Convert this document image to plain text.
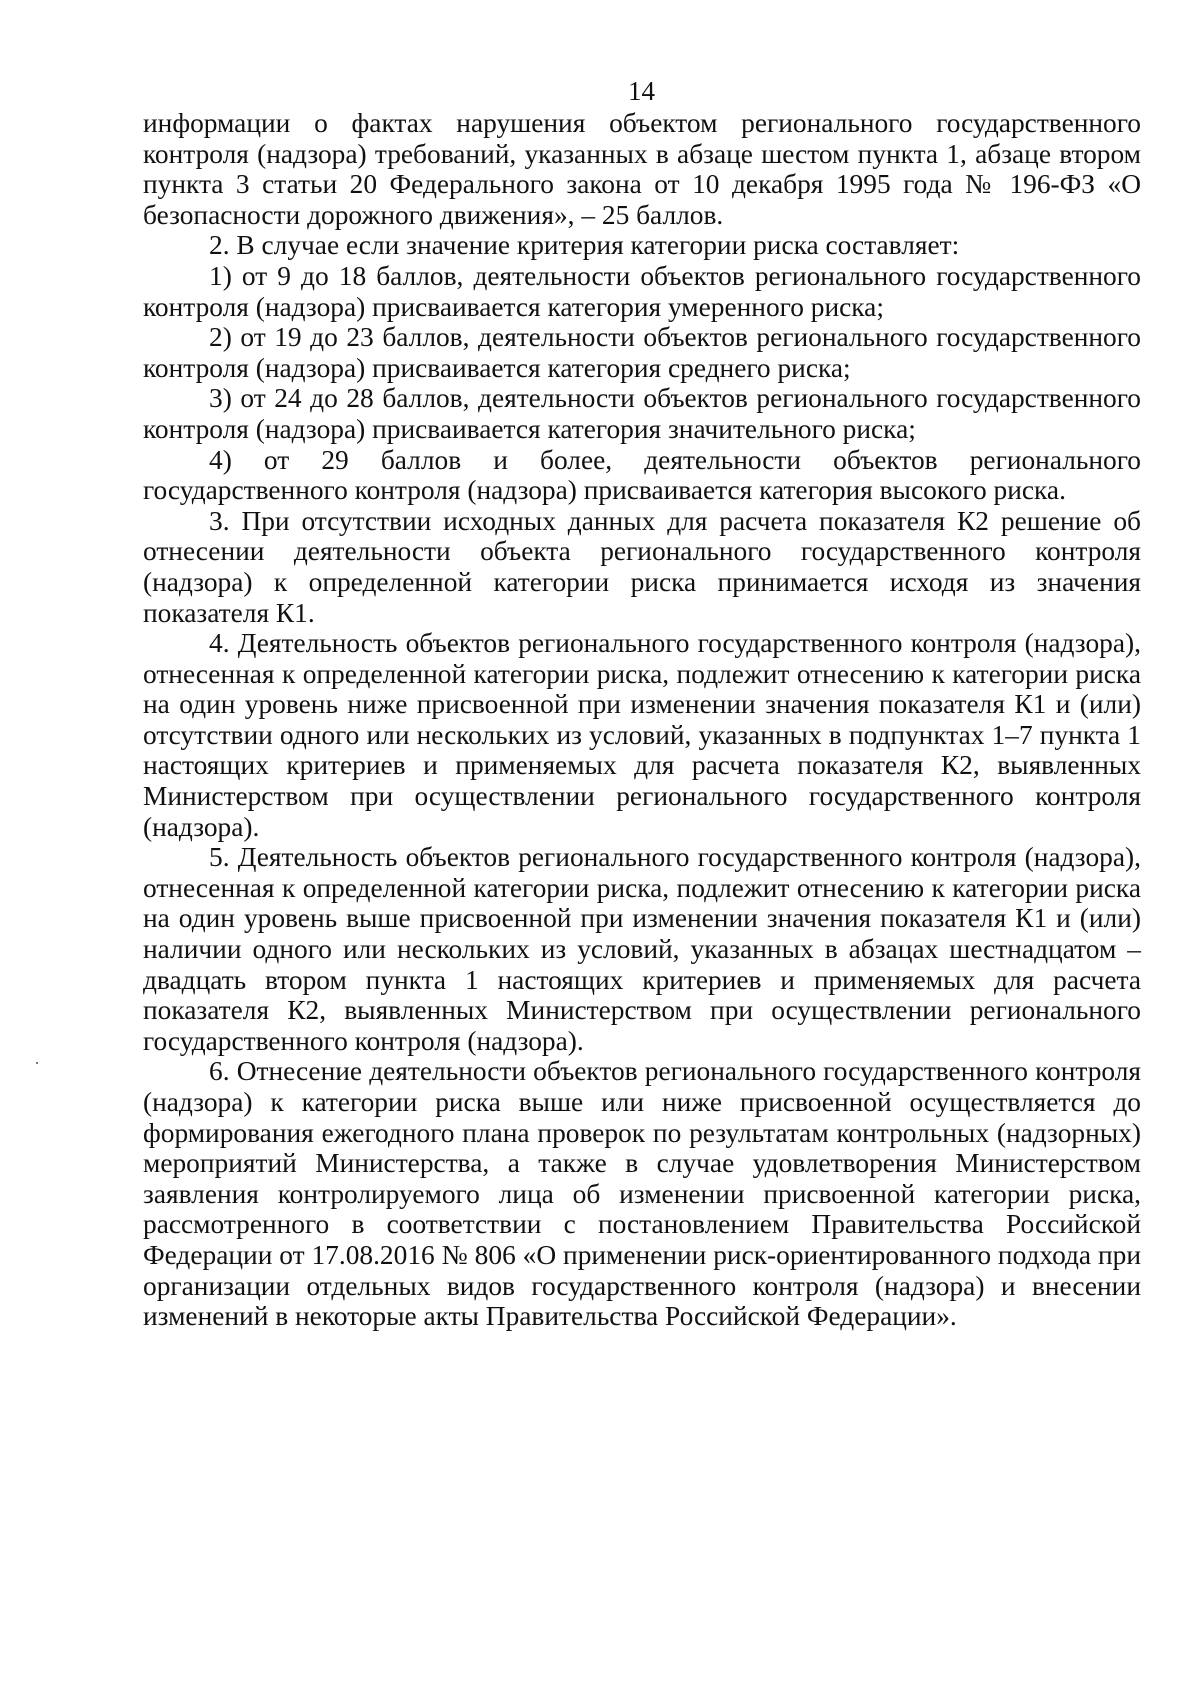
14

информации о фактах нарушения объектом регионального государственного контроля (надзора) требований, указанных в абзаце шестом пункта 1, абзаце втором пункта 3 статьи 20 Федерального закона от 10 декабря 1995 года № 196-ФЗ «О безопасности дорожного движения», – 25 баллов.

2. В случае если значение критерия категории риска составляет:

1) от 9 до 18 баллов, деятельности объектов регионального государственного контроля (надзора) присваивается категория умеренного риска;

2) от 19 до 23 баллов, деятельности объектов регионального государственного контроля (надзора) присваивается категория среднего риска;

3) от 24 до 28 баллов, деятельности объектов регионального государственного контроля (надзора) присваивается категория значительного риска;

4) от 29 баллов и более, деятельности объектов регионального государственного контроля (надзора) присваивается категория высокого риска.

3. При отсутствии исходных данных для расчета показателя К2 решение об отнесении деятельности объекта регионального государственного контроля (надзора) к определенной категории риска принимается исходя из значения показателя К1.

4. Деятельность объектов регионального государственного контроля (надзора), отнесенная к определенной категории риска, подлежит отнесению к категории риска на один уровень ниже присвоенной при изменении значения показателя К1 и (или) отсутствии одного или нескольких из условий, указанных в подпунктах 1–7 пункта 1 настоящих критериев и применяемых для расчета показателя К2, выявленных Министерством при осуществлении регионального государственного контроля (надзора).

5. Деятельность объектов регионального государственного контроля (надзора), отнесенная к определенной категории риска, подлежит отнесению к категории риска на один уровень выше присвоенной при изменении значения показателя К1 и (или) наличии одного или нескольких из условий, указанных в абзацах шестнадцатом – двадцать втором пункта 1 настоящих критериев и применяемых для расчета показателя К2, выявленных Министерством при осуществлении регионального государственного контроля (надзора).

6. Отнесение деятельности объектов регионального государственного контроля (надзора) к категории риска выше или ниже присвоенной осуществляется до формирования ежегодного плана проверок по результатам контрольных (надзорных) мероприятий Министерства, а также в случае удовлетворения Министерством заявления контролируемого лица об изменении присвоенной категории риска, рассмотренного в соответствии с постановлением Правительства Российской Федерации от 17.08.2016 № 806 «О применении риск-ориентированного подхода при организации отдельных видов государственного контроля (надзора) и внесении изменений в некоторые акты Правительства Российской Федерации».
